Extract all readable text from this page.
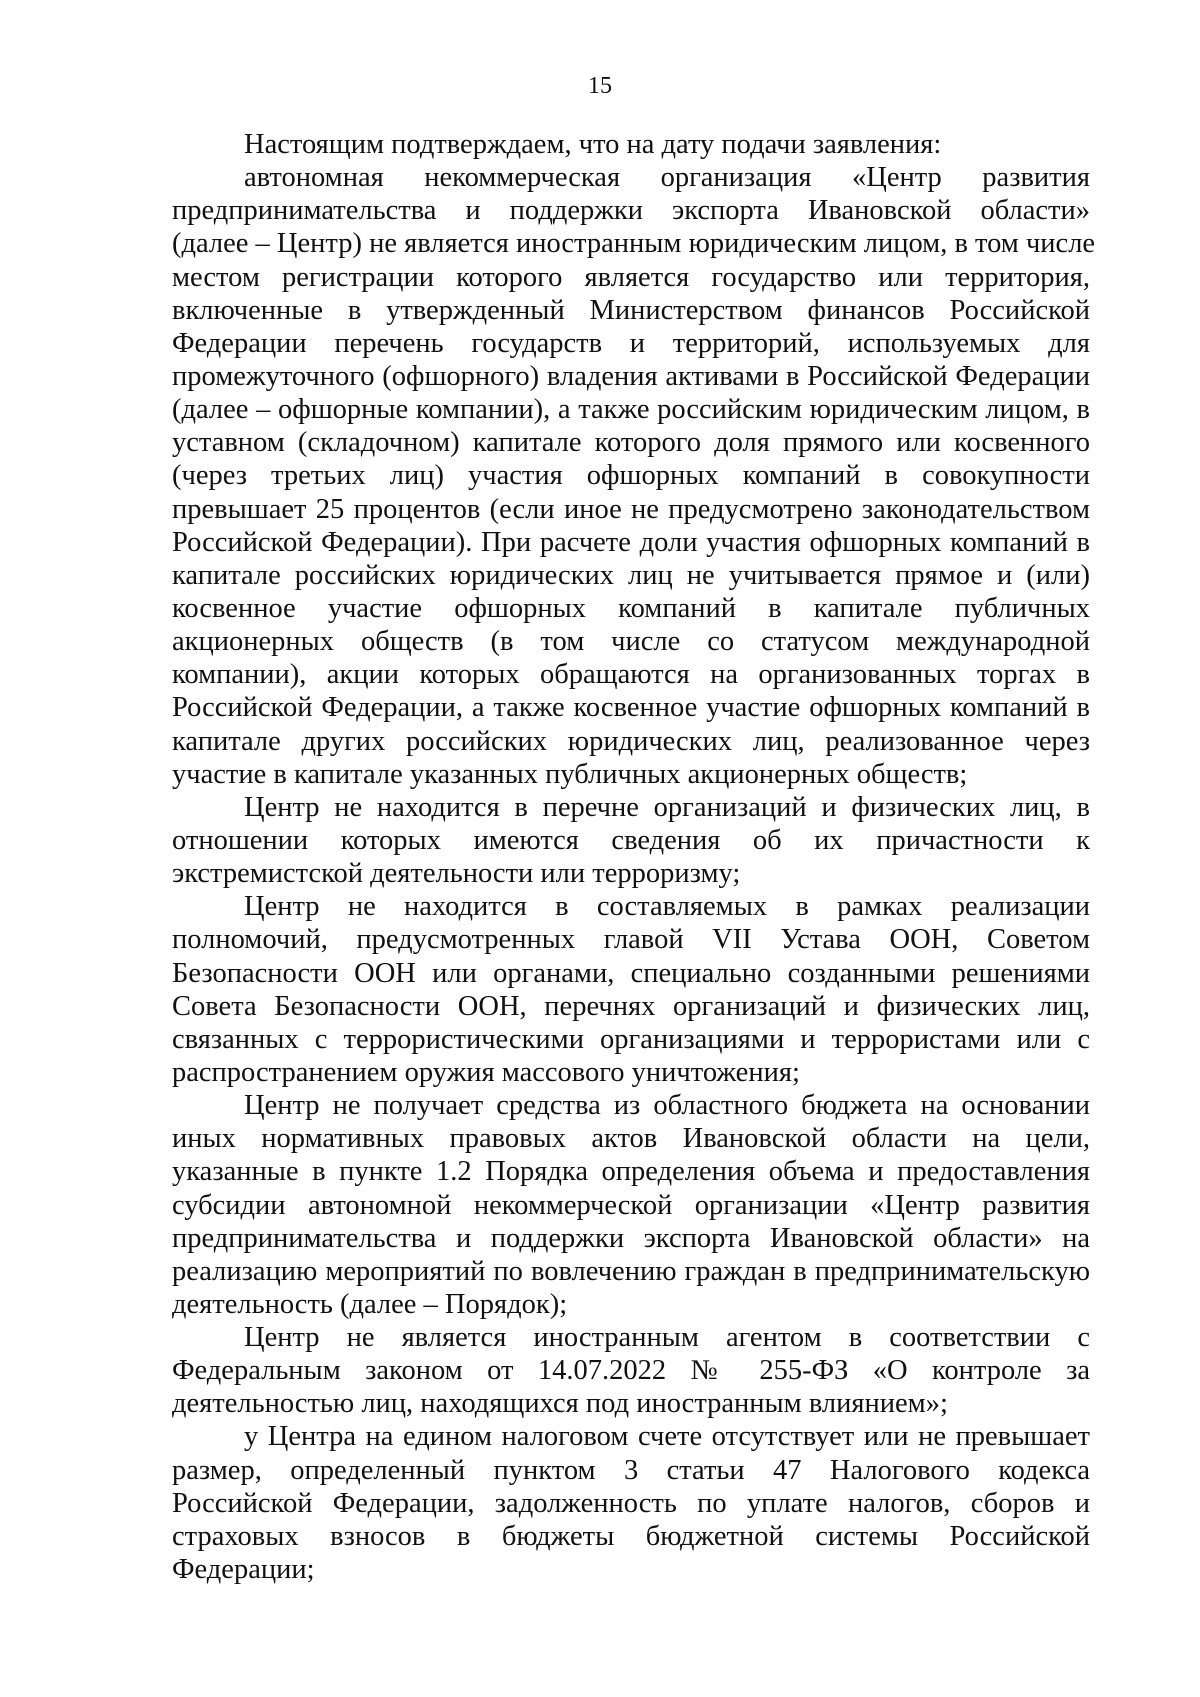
15
Настоящим подтверждаем, что на дату подачи заявления:
автономная некоммерческая организация «Центр развития
предпринимательства и поддержки экспорта Ивановской области»
(далее – Центр) не является иностранным юридическим лицом, в том числе
местом регистрации которого является государство или территория,
включенные в утвержденный Министерством финансов Российской
Федерации перечень государств и территорий, используемых для
промежуточного (офшорного) владения активами в Российской Федерации
(далее – офшорные компании), а также российским юридическим лицом, в
уставном (складочном) капитале которого доля прямого или косвенного
(через третьих лиц) участия офшорных компаний в совокупности
превышает 25 процентов (если иное не предусмотрено законодательством
Российской Федерации). При расчете доли участия офшорных компаний в
капитале российских юридических лиц не учитывается прямое и (или)
косвенное участие офшорных компаний в капитале публичных
акционерных обществ (в том числе со статусом международной
компании), акции которых обращаются на организованных торгах в
Российской Федерации, а также косвенное участие офшорных компаний в
капитале других российских юридических лиц, реализованное через
участие в капитале указанных публичных акционерных обществ;
Центр не находится в перечне организаций и физических лиц, в
отношении которых имеются сведения об их причастности к
экстремистской деятельности или терроризму;
Центр не находится в составляемых в рамках реализации
полномочий, предусмотренных главой VII Устава ООН, Советом
Безопасности ООН или органами, специально созданными решениями
Совета Безопасности ООН, перечнях организаций и физических лиц,
связанных с террористическими организациями и террористами или с
распространением оружия массового уничтожения;
Центр не получает средства из областного бюджета на основании
иных нормативных правовых актов Ивановской области на цели,
указанные в пункте 1.2 Порядка определения объема и предоставления
субсидии автономной некоммерческой организации «Центр развития
предпринимательства и поддержки экспорта Ивановской области» на
реализацию мероприятий по вовлечению граждан в предпринимательскую
деятельность (далее – Порядок);
Центр не является иностранным агентом в соответствии с
Федеральным законом от 14.07.2022 № 255-ФЗ «О контроле за
деятельностью лиц, находящихся под иностранным влиянием»;
у Центра на едином налоговом счете отсутствует или не превышает
размер, определенный пунктом 3 статьи 47 Налогового кодекса
Российской Федерации, задолженность по уплате налогов, сборов и
страховых взносов в бюджеты бюджетной системы Российской
Федерации;
